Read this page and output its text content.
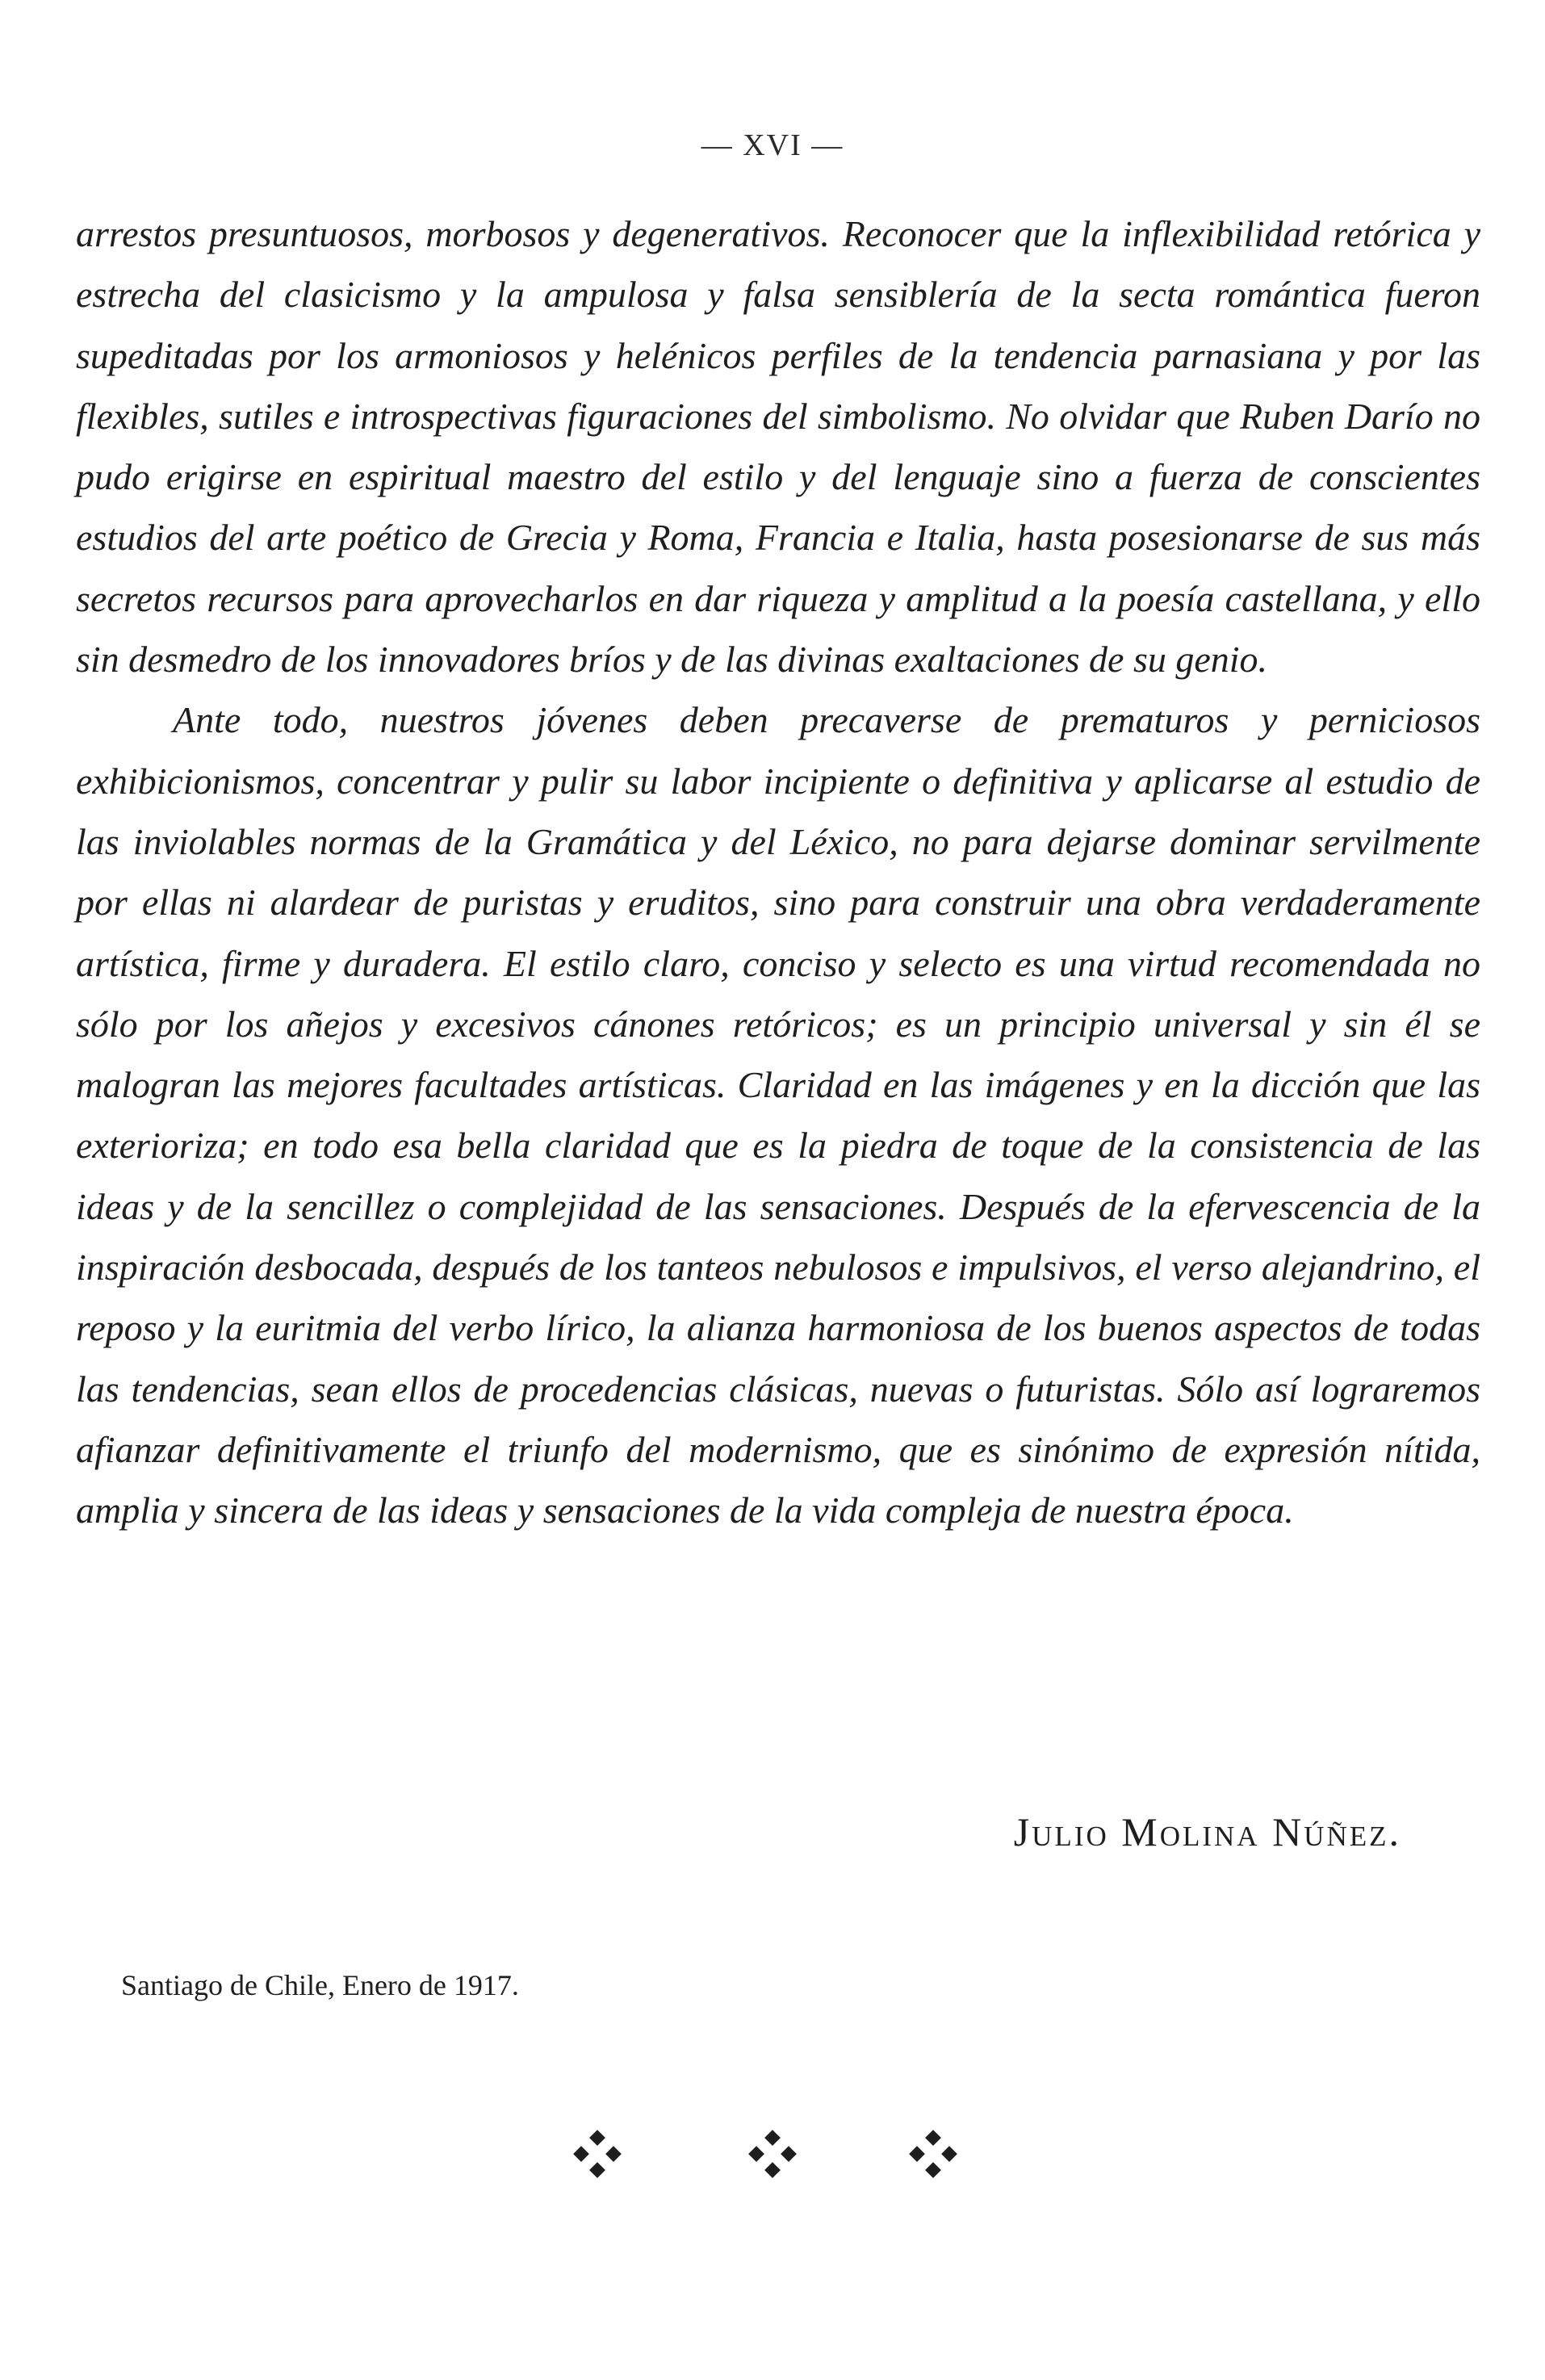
— XVI —

arrestos presuntuosos, morbosos y degenerativos. Reconocer que la inflexibilidad retórica y estrecha del clasicismo y la ampulosa y falsa sensiblería de la secta romántica fueron supeditadas por los armoniosos y helénicos perfiles de la tendencia parnasiana y por las flexibles, sutiles e introspectivas figuraciones del simbolismo. No olvidar que Ruben Darío no pudo erigirse en espiritual maestro del estilo y del lenguaje sino a fuerza de conscientes estudios del arte poético de Grecia y Roma, Francia e Italia, hasta posesionarse de sus más secretos recursos para aprovecharlos en dar riqueza y amplitud a la poesía castellana, y ello sin desmedro de los innovadores bríos y de las divinas exaltaciones de su genio.

Ante todo, nuestros jóvenes deben precaverse de prematuros y perniciosos exhibicionismos, concentrar y pulir su labor incipiente o definitiva y aplicarse al estudio de las inviolables normas de la Gramática y del Léxico, no para dejarse dominar servilmente por ellas ni alardear de puristas y eruditos, sino para construir una obra verdaderamente artística, firme y duradera. El estilo claro, conciso y selecto es una virtud recomendada no sólo por los añejos y excesivos cánones retóricos; es un principio universal y sin él se malogran las mejores facultades artísticas. Claridad en las imágenes y en la dicción que las exterioriza; en todo esa bella claridad que es la piedra de toque de la consistencia de las ideas y de la sencillez o complejidad de las sensaciones. Después de la efervescencia de la inspiración desbocada, después de los tanteos nebulosos e impulsivos, el verso alejandrino, el reposo y la euritmia del verbo lírico, la alianza harmoniosa de los buenos aspectos de todas las tendencias, sean ellos de procedencias clásicas, nuevas o futuristas. Sólo así lograremos afianzar definitivamente el triunfo del modernismo, que es sinónimo de expresión nítida, amplia y sincera de las ideas y sensaciones de la vida compleja de nuestra época.

Julio Molina Núñez.
Santiago de Chile, Enero de 1917.
